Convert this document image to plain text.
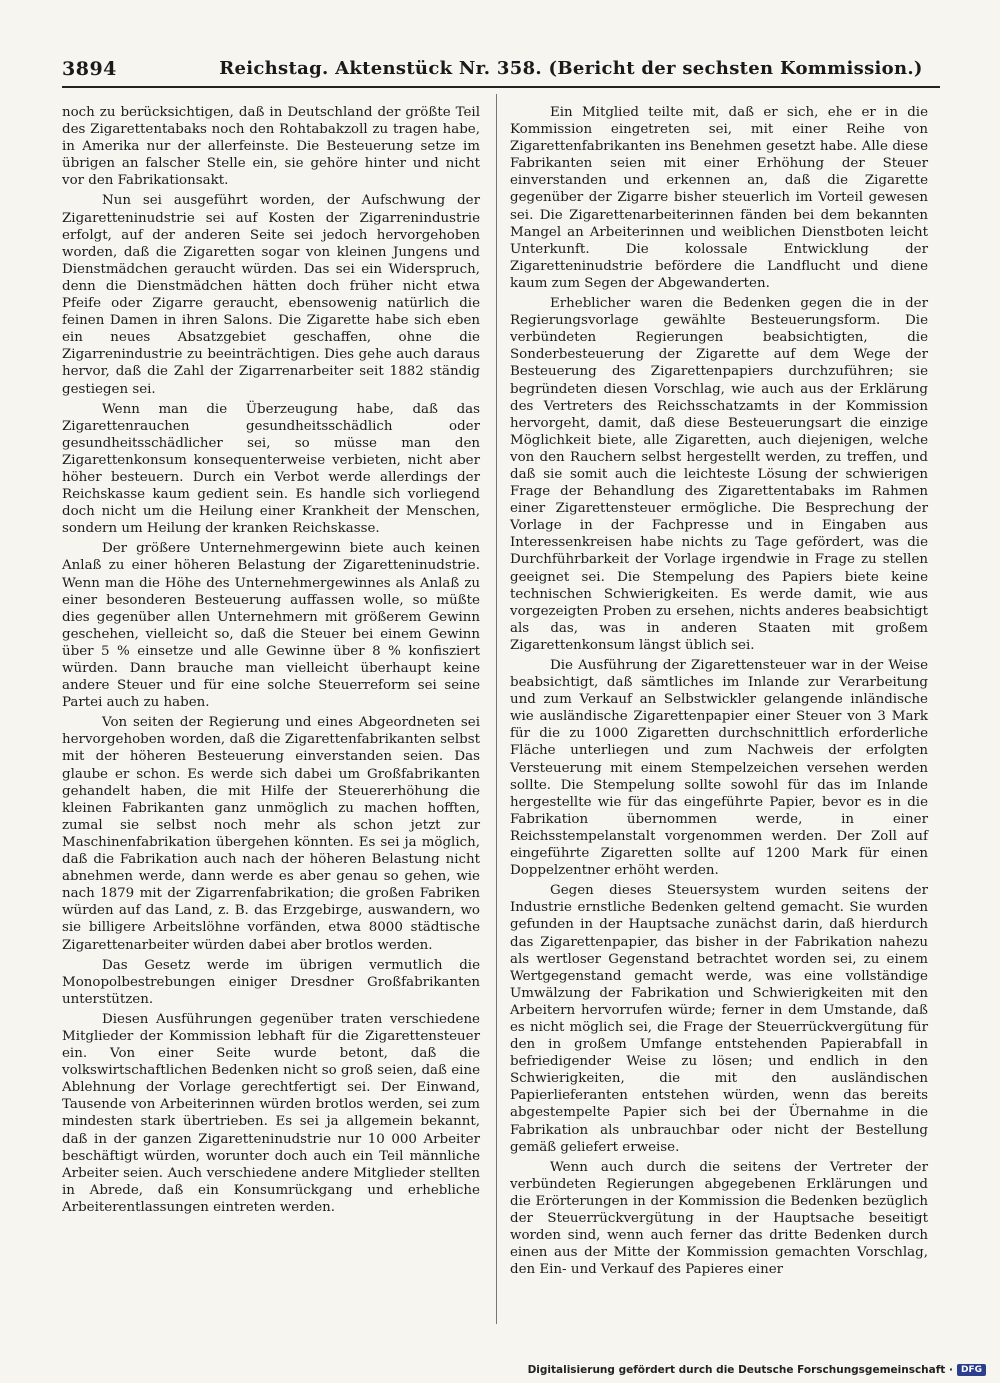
3894	Reichstag. Aktenstück Nr. 358. (Bericht der sechsten Kommission.)

noch zu berücksichtigen, daß in Deutschland der größte Teil des Zigarettentabaks noch den Rohtabakzoll zu tragen habe, in Amerika nur der allerfeinste. Die Besteuerung setze im übrigen an falscher Stelle ein, sie gehöre hinter und nicht vor den Fabrikationsakt.

Nun sei ausgeführt worden, der Aufschwung der Zigaretteninudstrie sei auf Kosten der Zigarrenindustrie erfolgt, auf der anderen Seite sei jedoch hervorgehoben worden, daß die Zigaretten sogar von kleinen Jungens und Dienstmädchen geraucht würden. Das sei ein Widerspruch, denn die Dienstmädchen hätten doch früher nicht etwa Pfeife oder Zigarre geraucht, ebensowenig natürlich die feinen Damen in ihren Salons. Die Zigarette habe sich eben ein neues Absatzgebiet geschaffen, ohne die Zigarrenindustrie zu beeinträchtigen. Dies gehe auch daraus hervor, daß die Zahl der Zigarrenarbeiter seit 1882 ständig gestiegen sei.

Wenn man die Überzeugung habe, daß das Zigarettenrauchen gesundheitsschädlich oder gesundheitsschädlicher sei, so müsse man den Zigarettenkonsum konsequenterweise verbieten, nicht aber höher besteuern. Durch ein Verbot werde allerdings der Reichskasse kaum gedient sein. Es handle sich vorliegend doch nicht um die Heilung einer Krankheit der Menschen, sondern um Heilung der kranken Reichskasse.

Der größere Unternehmergewinn biete auch keinen Anlaß zu einer höheren Belastung der Zigaretteninudstrie. Wenn man die Höhe des Unternehmergewinnes als Anlaß zu einer besonderen Besteuerung auffassen wolle, so müßte dies gegenüber allen Unternehmern mit größerem Gewinn geschehen, vielleicht so, daß die Steuer bei einem Gewinn über 5 % einsetze und alle Gewinne über 8 % konfisziert würden. Dann brauche man vielleicht überhaupt keine andere Steuer und für eine solche Steuerreform sei seine Partei auch zu haben.

Von seiten der Regierung und eines Abgeordneten sei hervorgehoben worden, daß die Zigarettenfabrikanten selbst mit der höheren Besteuerung einverstanden seien. Das glaube er schon. Es werde sich dabei um Großfabrikanten gehandelt haben, die mit Hilfe der Steuererhöhung die kleinen Fabrikanten ganz unmöglich zu machen hofften, zumal sie selbst noch mehr als schon jetzt zur Maschinenfabrikation übergehen könnten. Es sei ja möglich, daß die Fabrikation auch nach der höheren Belastung nicht abnehmen werde, dann werde es aber genau so gehen, wie nach 1879 mit der Zigarrenfabrikation; die großen Fabriken würden auf das Land, z. B. das Erzgebirge, auswandern, wo sie billigere Arbeitslöhne vorfänden, etwa 8000 städtische Zigarettenarbeiter würden dabei aber brotlos werden.

Das Gesetz werde im übrigen vermutlich die Monopolbestrebungen einiger Dresdner Großfabrikanten unterstützen.

Diesen Ausführungen gegenüber traten verschiedene Mitglieder der Kommission lebhaft für die Zigarettensteuer ein. Von einer Seite wurde betont, daß die volkswirtschaftlichen Bedenken nicht so groß seien, daß eine Ablehnung der Vorlage gerechtfertigt sei. Der Einwand, Tausende von Arbeiterinnen würden brotlos werden, sei zum mindesten stark übertrieben. Es sei ja allgemein bekannt, daß in der ganzen Zigaretteninudstrie nur 10 000 Arbeiter beschäftigt würden, worunter doch auch ein Teil männliche Arbeiter seien. Auch verschiedene andere Mitglieder stellten in Abrede, daß ein Konsumrückgang und erhebliche Arbeiterentlassungen eintreten werden.

Ein Mitglied teilte mit, daß er sich, ehe er in die Kommission eingetreten sei, mit einer Reihe von Zigarettenfabrikanten ins Benehmen gesetzt habe. Alle diese Fabrikanten seien mit einer Erhöhung der Steuer einverstanden und erkennen an, daß die Zigarette gegenüber der Zigarre bisher steuerlich im Vorteil gewesen sei. Die Zigarettenarbeiterinnen fänden bei dem bekannten Mangel an Arbeiterinnen und weiblichen Dienstboten leicht Unterkunft. Die kolossale Entwicklung der Zigaretteninudstrie befördere die Landflucht und diene kaum zum Segen der Abgewanderten.

Erheblicher waren die Bedenken gegen die in der Regierungsvorlage gewählte Besteuerungsform. Die verbündeten Regierungen beabsichtigten, die Sonderbesteuerung der Zigarette auf dem Wege der Besteuerung des Zigarettenpapiers durchzuführen; sie begründeten diesen Vorschlag, wie auch aus der Erklärung des Vertreters des Reichsschatzamts in der Kommission hervorgeht, damit, daß diese Besteuerungsart die einzige Möglichkeit biete, alle Zigaretten, auch diejenigen, welche von den Rauchern selbst hergestellt werden, zu treffen, und daß sie somit auch die leichteste Lösung der schwierigen Frage der Behandlung des Zigarettentabaks im Rahmen einer Zigarettensteuer ermögliche. Die Besprechung der Vorlage in der Fachpresse und in Eingaben aus Interessenkreisen habe nichts zu Tage gefördert, was die Durchführbarkeit der Vorlage irgendwie in Frage zu stellen geeignet sei. Die Stempelung des Papiers biete keine technischen Schwierigkeiten. Es werde damit, wie aus vorgezeigten Proben zu ersehen, nichts anderes beabsichtigt als das, was in anderen Staaten mit großem Zigarettenkonsum längst üblich sei.

Die Ausführung der Zigarettensteuer war in der Weise beabsichtigt, daß sämtliches im Inlande zur Verarbeitung und zum Verkauf an Selbstwickler gelangende inländische wie ausländische Zigarettenpapier einer Steuer von 3 Mark für die zu 1000 Zigaretten durchschnittlich erforderliche Fläche unterliegen und zum Nachweis der erfolgten Versteuerung mit einem Stempelzeichen versehen werden sollte. Die Stempelung sollte sowohl für das im Inlande hergestellte wie für das eingeführte Papier, bevor es in die Fabrikation übernommen werde, in einer Reichsstempelanstalt vorgenommen werden. Der Zoll auf eingeführte Zigaretten sollte auf 1200 Mark für einen Doppelzentner erhöht werden.

Gegen dieses Steuersystem wurden seitens der Industrie ernstliche Bedenken geltend gemacht. Sie wurden gefunden in der Hauptsache zunächst darin, daß hierdurch das Zigarettenpapier, das bisher in der Fabrikation nahezu als wertloser Gegenstand betrachtet worden sei, zu einem Wertgegenstand gemacht werde, was eine vollständige Umwälzung der Fabrikation und Schwierigkeiten mit den Arbeitern hervorrufen würde; ferner in dem Umstande, daß es nicht möglich sei, die Frage der Steuerrückvergütung für den in großem Umfange entstehenden Papierabfall in befriedigender Weise zu lösen; und endlich in den Schwierigkeiten, die mit den ausländischen Papierlieferanten entstehen würden, wenn das bereits abgestempelte Papier sich bei der Übernahme in die Fabrikation als unbrauchbar oder nicht der Bestellung gemäß geliefert erweise.

Wenn auch durch die seitens der Vertreter der verbündeten Regierungen abgegebenen Erklärungen und die Erörterungen in der Kommission die Bedenken bezüglich der Steuerrückvergütung in der Hauptsache beseitigt worden sind, wenn auch ferner das dritte Bedenken durch einen aus der Mitte der Kommission gemachten Vorschlag, den Ein- und Verkauf des Papieres einer

Digitalisierung gefördert durch die Deutsche Forschungsgemeinschaft · DFG
